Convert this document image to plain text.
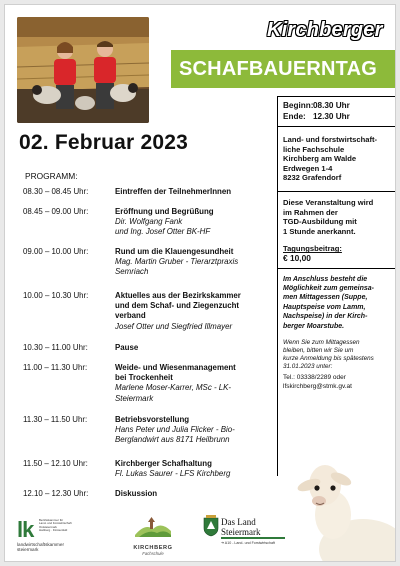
Kirchberger
SCHAFBAUERNTAG
02. Februar 2023
PROGRAMM:
08.30 – 08.45 Uhr:	Eintreffen der TeilnehmerInnen
08.45 – 09.00 Uhr:	Eröffnung und Begrüßung
Dir. Wolfgang Fank
und Ing. Josef Otter BK-HF
09.00 – 10.00 Uhr:	Rund um die Klauengesundheit
Mag. Martin Gruber - Tierarztpraxis
Semriach
10.00 – 10.30 Uhr:	Aktuelles aus der Bezirkskammer
und dem Schaf- und Ziegenzucht
verband
Josef Otter und Siegfried Illmayer
10.30 – 11.00 Uhr:	Pause
11.00 – 11.30 Uhr:	Weide- und Wiesenmanagement
bei Trockenheit
Marlene Moser-Karrer, MSc - LK-
Steiermark
11.30 – 11.50 Uhr:	Betriebsvorstellung
Hans Peter und Julia Flicker - Bio-
Berglandwirt aus 8171 Heilbrunn
11.50 – 12.10 Uhr:	Kirchberger Schafhaltung
Fl. Lukas Saurer - LFS Kirchberg
12.10 – 12.30 Uhr:	Diskussion
Beginn: 08.30 Uhr
Ende: 12.30 Uhr
Land- und forstwirtschaft-
liche Fachschule
Kirchberg am Walde
Erdwegen 1-4
8232 Grafendorf
Diese Veranstaltung wird
im Rahmen der
TGD-Ausbildung mit
1 Stunde anerkannt.
Tagungsbeitrag:
€ 10,00
Im Anschluss besteht die
Möglichkeit zum gemeinsa-
men Mittagessen (Suppe,
Hauptspeise vom Lamm,
Nachspeise) in der Kirch-
berger Moarstube.
Wenn Sie zum Mittagessen
bleiben, bitten wir Sie um
kurze Anmeldung bis spätestens
31.01.2023 unter:
Tel.: 03338/2289 oder
lfskirchberg@stmk.gv.at
lk Bezirkskammer für
Land- und Forstwirtschaft
Oststeiermark
Hartberg · Fürstenfeld
landwirtschaftskammer
steiermark	KIRCHBERG
Fachschule
Das Land
Steiermark
➔ A10 - Land- und Forstwirtschaft
